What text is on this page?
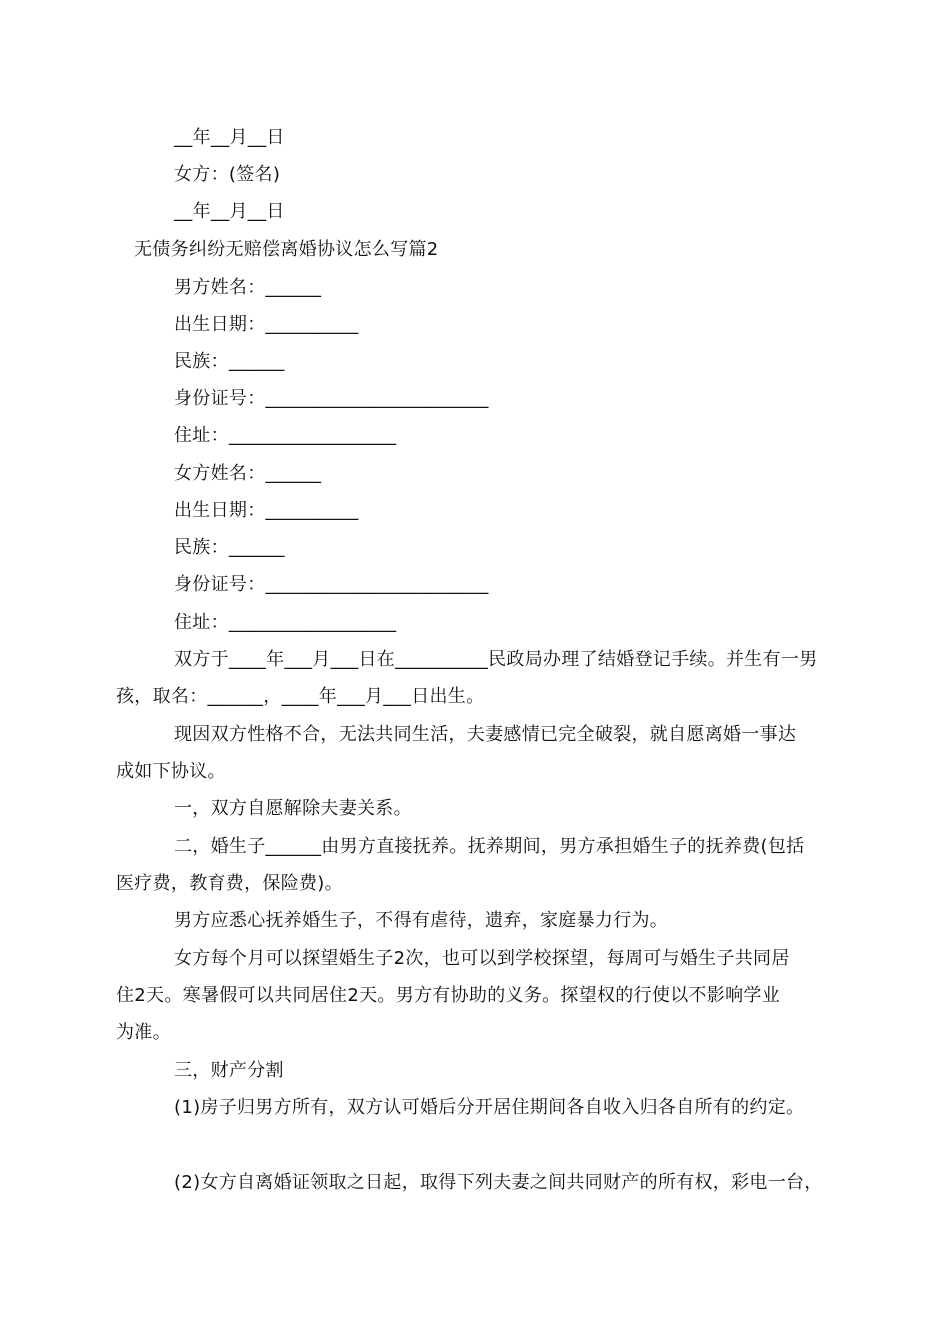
__年__月__日
女方：(签名)
__年__月__日
无债务纠纷无赔偿离婚协议怎么写篇2
男方姓名：______
出生日期：__________
民族：______
身份证号：________________________
住址：__________________
女方姓名：______
出生日期：__________
民族：______
身份证号：________________________
住址：__________________
双方于____年___月___日在__________民政局办理了结婚登记手续。并生有一男
孩，取名：______，____年___月___日出生。
现因双方性格不合，无法共同生活，夫妻感情已完全破裂，就自愿离婚一事达
成如下协议。
一，双方自愿解除夫妻关系。
二，婚生子______由男方直接抚养。抚养期间，男方承担婚生子的抚养费(包括
医疗费，教育费，保险费)。
男方应悉心抚养婚生子，不得有虐待，遗弃，家庭暴力行为。
女方每个月可以探望婚生子2次，也可以到学校探望，每周可与婚生子共同居
住2天。寒暑假可以共同居住2天。男方有协助的义务。探望权的行使以不影响学业
为准。
三，财产分割
(1)房子归男方所有，双方认可婚后分开居住期间各自收入归各自所有的约定。
(2)女方自离婚证领取之日起，取得下列夫妻之间共同财产的所有权，彩电一台，
